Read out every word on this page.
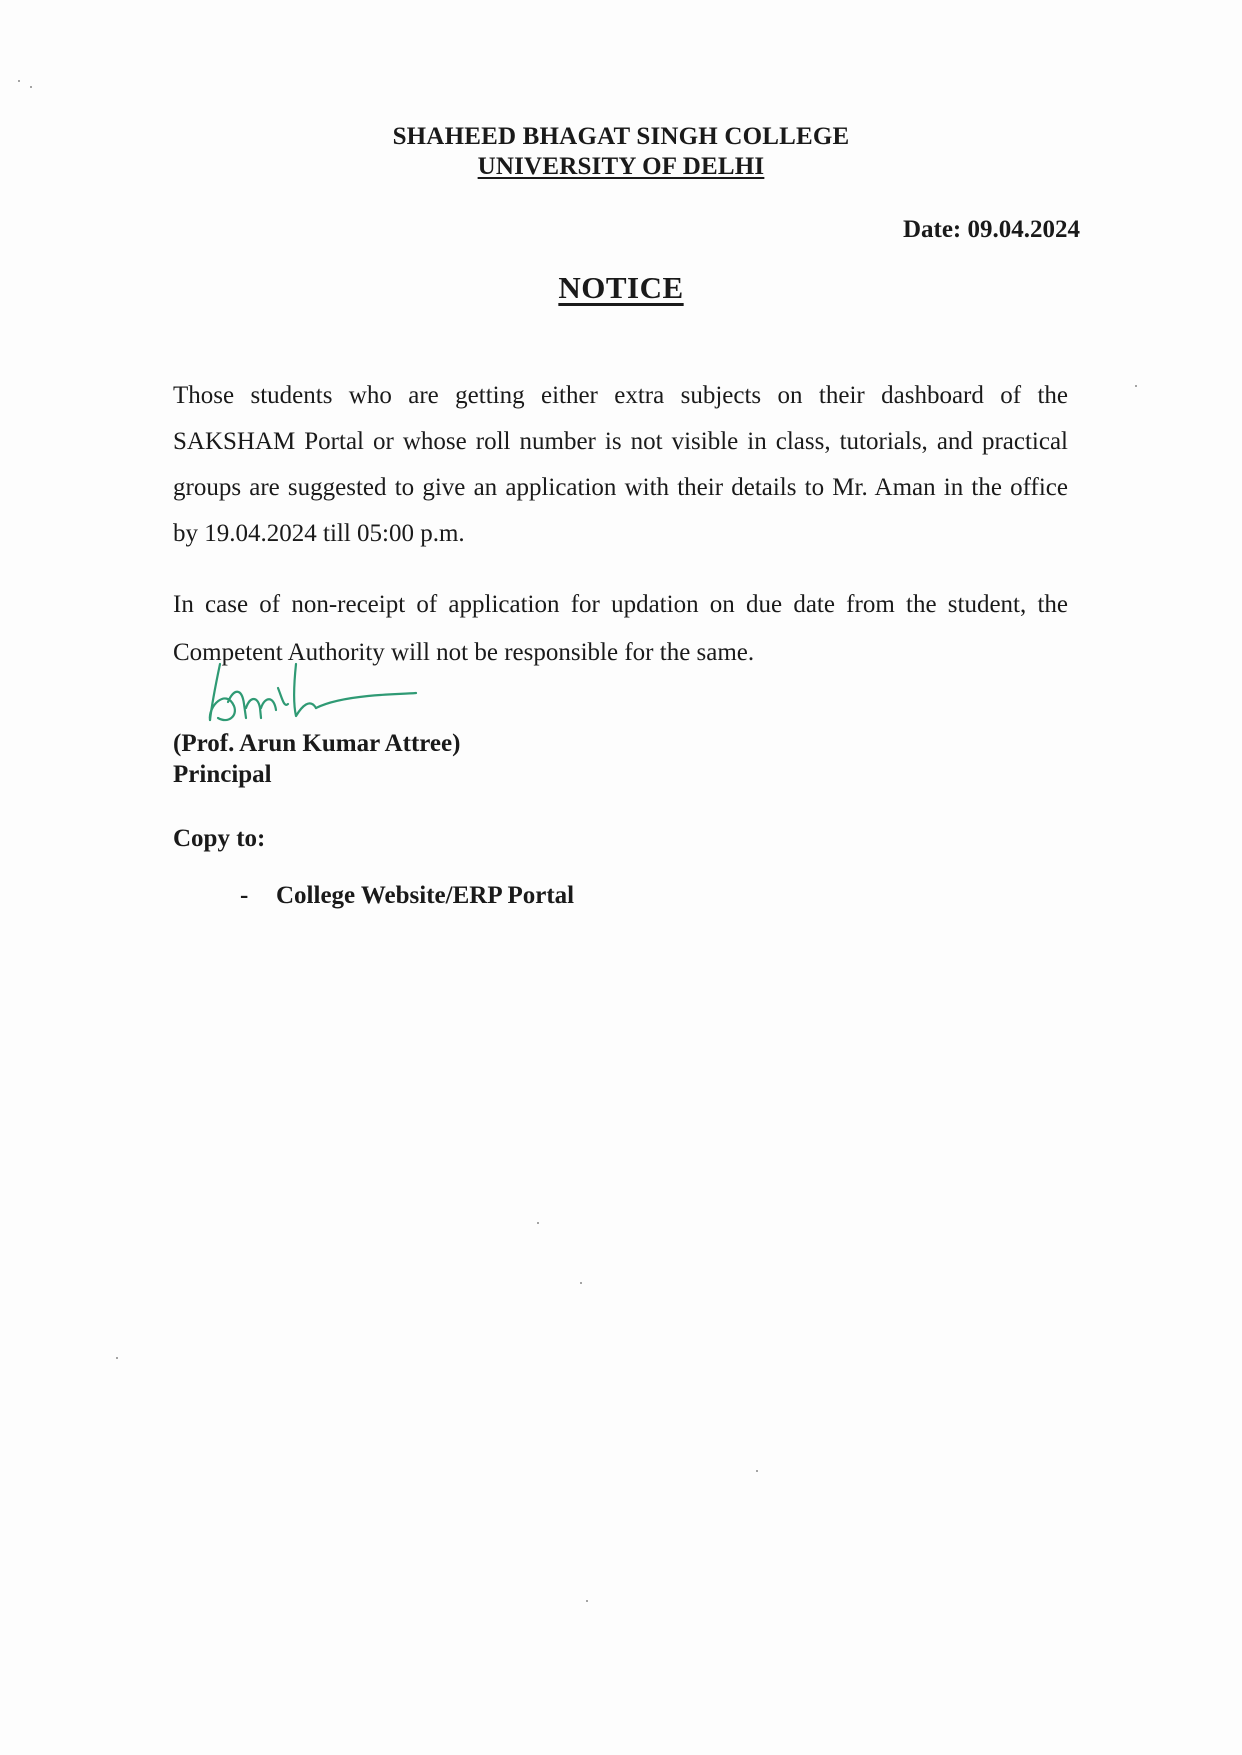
SHAHEED BHAGAT SINGH COLLEGE
UNIVERSITY OF DELHI
Date: 09.04.2024
NOTICE
Those students who are getting either extra subjects on their dashboard of the SAKSHAM Portal or whose roll number is not visible in class, tutorials, and practical groups are suggested to give an application with their details to Mr. Aman in the office by 19.04.2024 till 05:00 p.m.
In case of non-receipt of application for updation on due date from the student, the Competent Authority will not be responsible for the same.
(Prof. Arun Kumar Attree)
Principal
Copy to:
- College Website/ERP Portal
